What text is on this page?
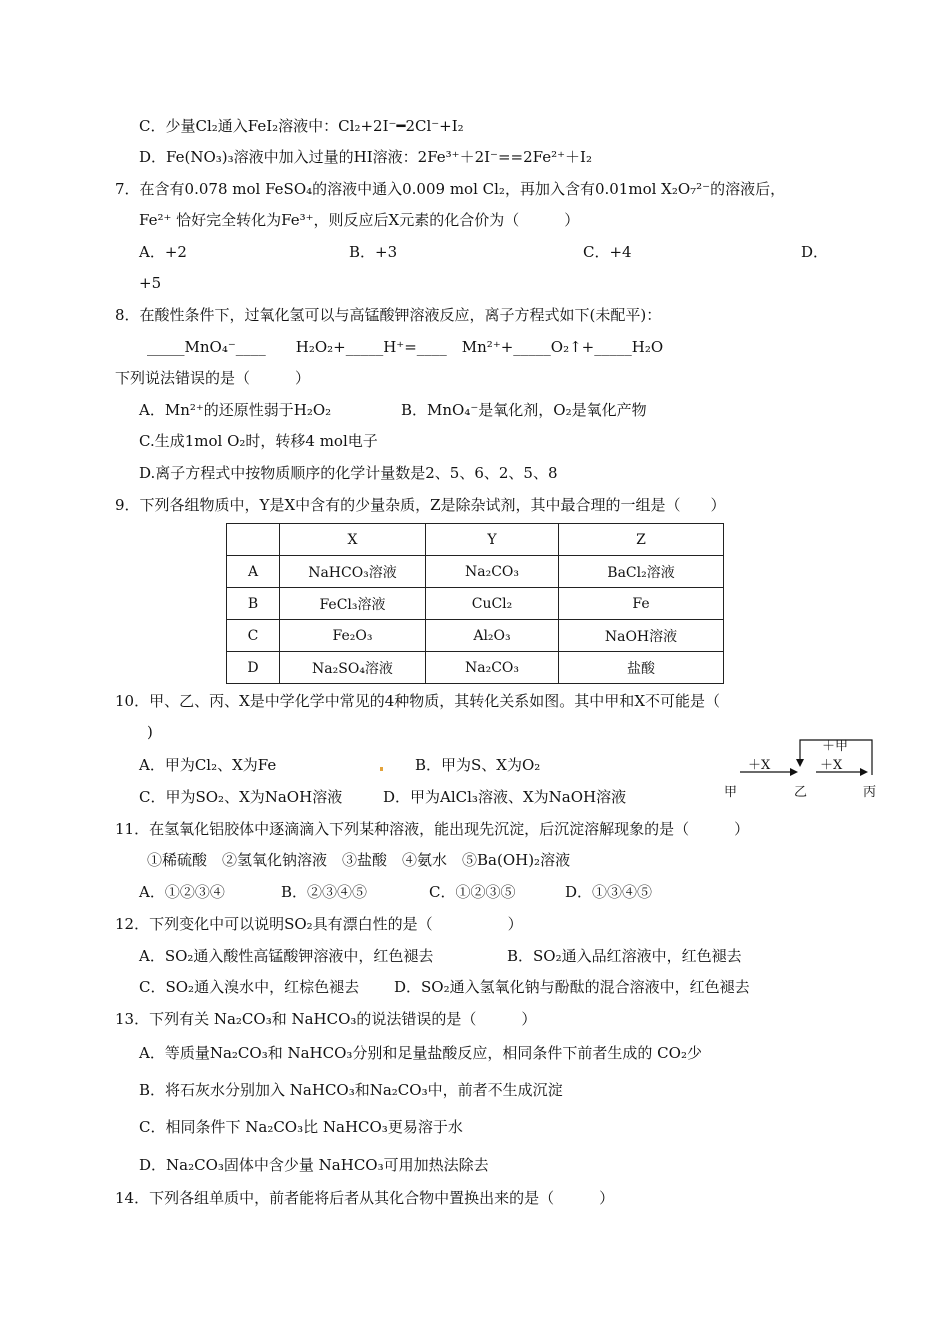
C．少量Cl₂通入FeI₂溶液中：Cl₂+2I⁻━2Cl⁻+I₂
D．Fe(NO₃)₃溶液中加入过量的HI溶液：2Fe³⁺＋2I⁻==2Fe²⁺＋I₂
7．在含有0.078 mol FeSO₄的溶液中通入0.009 mol Cl₂，再加入含有0.01mol X₂O₇²⁻的溶液后，
Fe²⁺ 恰好完全转化为Fe³⁺，则反应后X元素的化合价为（　　　）
A．+2	B．+3	C．+4	D．
+5
8．在酸性条件下，过氧化氢可以与高锰酸钾溶液反应，离子方程式如下(未配平)：
_____MnO₄⁻____　　H₂O₂+_____H⁺=____　Mn²⁺+_____O₂↑+_____H₂O
下列说法错误的是（　　　）
A．Mn²⁺的还原性弱于H₂O₂	B．MnO₄⁻是氧化剂，O₂是氧化产物
C.生成1mol O₂时，转移4 mol电子
D.离子方程式中按物质顺序的化学计量数是2、5、6、2、5、8
9．下列各组物质中，Y是X中含有的少量杂质，Z是除杂试剂，其中最合理的一组是（　　）
	X	Y	Z
A	NaHCO₃溶液	Na₂CO₃	BaCl₂溶液
B	FeCl₃溶液	CuCl₂	Fe
C	Fe₂O₃	Al₂O₃	NaOH溶液
D	Na₂SO₄溶液	Na₂CO₃	盐酸
10．甲、乙、丙、X是中学化学中常见的4种物质，其转化关系如图。其中甲和X不可能是（
)
A．甲为Cl₂、X为Fe	B．甲为S、X为O₂
C．甲为SO₂、X为NaOH溶液	D．甲为AlCl₃溶液、X为NaOH溶液	甲	乙	丙
＋X	＋X
＋甲
11．在氢氧化铝胶体中逐滴滴入下列某种溶液，能出现先沉淀，后沉淀溶解现象的是（　　　）
①稀硫酸　②氢氧化钠溶液　③盐酸　④氨水　⑤Ba(OH)₂溶液
A．①②③④	B．②③④⑤	C．①②③⑤	D．①③④⑤
12．下列变化中可以说明SO₂具有漂白性的是（　　　　　）
A．SO₂通入酸性高锰酸钾溶液中，红色褪去	B．SO₂通入品红溶液中，红色褪去
C．SO₂通入溴水中，红棕色褪去 D．SO₂通入氢氧化钠与酚酞的混合溶液中，红色褪去
13．下列有关 Na₂CO₃和 NaHCO₃的说法错误的是（　　　）
A．等质量Na₂CO₃和 NaHCO₃分别和足量盐酸反应，相同条件下前者生成的 CO₂少
B．将石灰水分别加入 NaHCO₃和Na₂CO₃中，前者不生成沉淀
C．相同条件下 Na₂CO₃比 NaHCO₃更易溶于水
D．Na₂CO₃固体中含少量 NaHCO₃可用加热法除去
14．下列各组单质中，前者能将后者从其化合物中置换出来的是（　　　）
